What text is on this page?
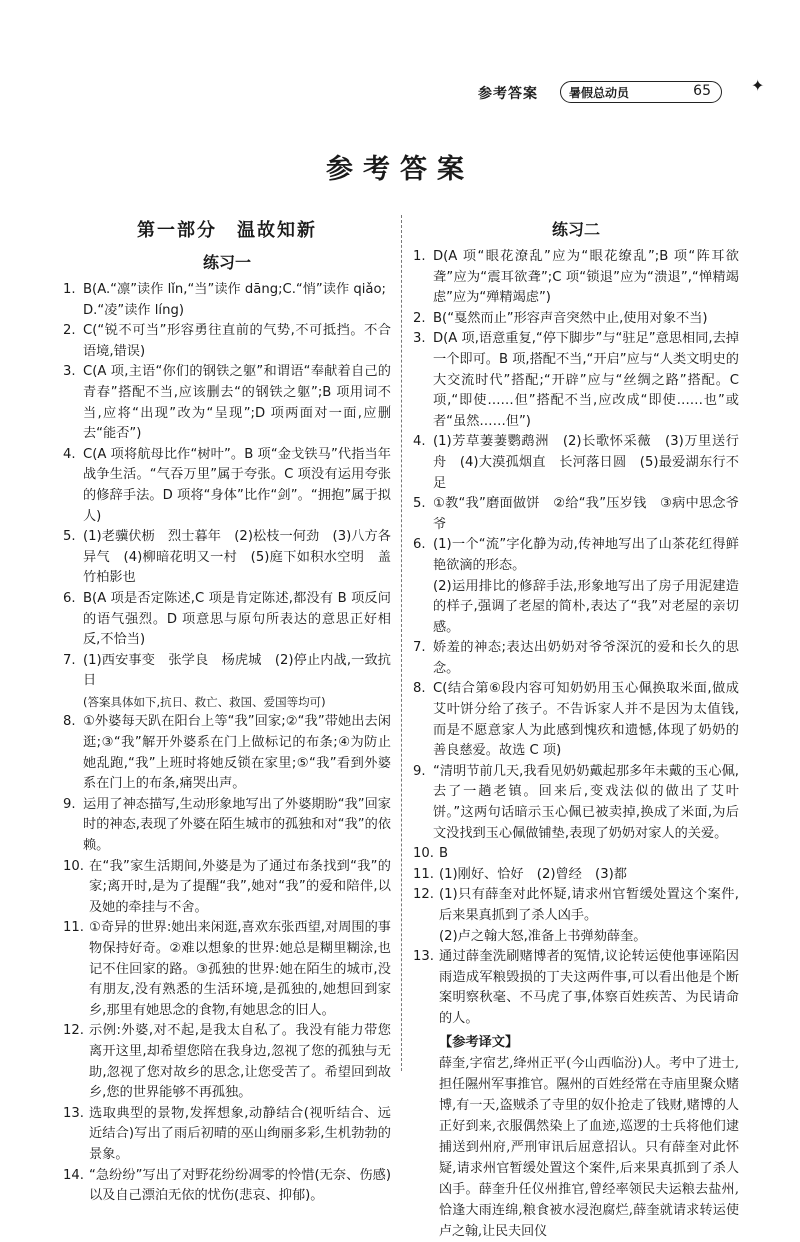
参考答案	暑假总动员	✦
65
参考答案
第一部分　温故知新
练习一
1. B(A.“凛”读作 lǐn,“当”读作 dāng;C.“悄”读作 qiǎo;
D.“凌”读作 líng)
2. C(“锐不可当”形容勇往直前的气势,不可抵挡。不合语境,错误)
3. C(A 项,主语“你们的钢铁之躯”和谓语“奉献着自己的青春”搭配不当,应该删去“的钢铁之躯”;B 项用词不当,应将“出现”改为“呈现”;D 项两面对一面,应删去“能否”)
4. C(A 项将航母比作“树叶”。B 项“金戈铁马”代指当年战争生活。“气吞万里”属于夸张。C 项没有运用夸张的修辞手法。D 项将“身体”比作“剑”。“拥抱”属于拟人)
5. (1)老骥伏枥　烈士暮年　(2)松枝一何劲　(3)八方各异气　(4)柳暗花明又一村　(5)庭下如积水空明　盖竹柏影也
6. B(A 项是否定陈述,C 项是肯定陈述,都没有 B 项反问的语气强烈。D 项意思与原句所表达的意思正好相反,不恰当)
7. (1)西安事变　张学良　杨虎城　(2)停止内战,一致抗日
(答案具体如下,抗日、救亡、救国、爱国等均可)
8. ①外婆每天趴在阳台上等“我”回家;②“我”带她出去闲逛;③“我”解开外婆系在门上做标记的布条;④为防止她乱跑,“我”上班时将她反锁在家里;⑤“我”看到外婆系在门上的布条,痛哭出声。
9. 运用了神态描写,生动形象地写出了外婆期盼“我”回家时的神态,表现了外婆在陌生城市的孤独和对“我”的依赖。
10. 在“我”家生活期间,外婆是为了通过布条找到“我”的家;离开时,是为了提醒“我”,她对“我”的爱和陪伴,以及她的牵挂与不舍。
11. ①奇异的世界:她出来闲逛,喜欢东张西望,对周围的事物保持好奇。②难以想象的世界:她总是糊里糊涂,也记不住回家的路。③孤独的世界:她在陌生的城市,没有朋友,没有熟悉的生活环境,是孤独的,她想回到家乡,那里有她思念的食物,有她思念的旧人。
12. 示例:外婆,对不起,是我太自私了。我没有能力带您离开这里,却希望您陪在我身边,忽视了您的孤独与无助,忽视了您对故乡的思念,让您受苦了。希望回到故乡,您的世界能够不再孤独。
13. 选取典型的景物,发挥想象,动静结合(视听结合、远近结合)写出了雨后初晴的巫山绚丽多彩,生机勃勃的景象。
14. “急纷纷”写出了对野花纷纷凋零的怜惜(无奈、伤感)以及自己漂泊无依的忧伤(悲哀、抑郁)。
练习二
1. D(A 项“眼花潦乱”应为“眼花缭乱”;B 项“阵耳欲聋”应为“震耳欲聋”;C 项“锁退”应为“溃退”,“惮精竭虑”应为“殚精竭虑”)
2. B(“戛然而止”形容声音突然中止,使用对象不当)
3. D(A 项,语意重复,“停下脚步”与“驻足”意思相同,去掉一个即可。B 项,搭配不当,“开启”应与“人类文明史的大交流时代”搭配;“开辟”应与“丝绸之路”搭配。C 项,“即使……但”搭配不当,应改成“即使……也”或者“虽然……但”)
4. (1)芳草萋萋鹦鹉洲　(2)长歌怀采薇　(3)万里送行舟　(4)大漠孤烟直　长河落日圆　(5)最爱湖东行不足
5. ①教“我”磨面做饼　②给“我”压岁钱　③病中思念爷爷
6. (1)一个“流”字化静为动,传神地写出了山茶花红得鲜艳欲滴的形态。
(2)运用排比的修辞手法,形象地写出了房子用泥建造的样子,强调了老屋的简朴,表达了“我”对老屋的亲切感。
7. 娇羞的神态;表达出奶奶对爷爷深沉的爱和长久的思念。
8. C(结合第⑥段内容可知奶奶用玉心佩换取米面,做成艾叶饼分给了孩子。不告诉家人并不是因为太值钱,而是不愿意家人为此感到愧疚和遗憾,体现了奶奶的善良慈爱。故选 C 项)
9. “清明节前几天,我看见奶奶戴起那多年未戴的玉心佩,去了一趟老镇。回来后,变戏法似的做出了艾叶饼。”这两句话暗示玉心佩已被卖掉,换成了米面,为后文没找到玉心佩做铺垫,表现了奶奶对家人的关爱。
10. B
11. (1)刚好、恰好　(2)曾经　(3)都
12. (1)只有薛奎对此怀疑,请求州官暂缓处置这个案件,后来果真抓到了杀人凶手。
(2)卢之翰大怒,准备上书弹劾薛奎。
13. 通过薛奎洗刷赌博者的冤情,议论转运使他事诬陷因雨造成军粮毁损的丁夫这两件事,可以看出他是个断案明察秋毫、不马虎了事,体察百姓疾苦、为民请命的人。
【参考译文】
薛奎,字宿艺,绛州正平(今山西临汾)人。考中了进士,担任隰州军事推官。隰州的百姓经常在寺庙里聚众赌博,有一天,盗贼杀了寺里的奴仆抢走了钱财,赌博的人正好到来,衣服偶然染上了血迹,巡逻的士兵将他们逮捕送到州府,严刑审讯后屈意招认。只有薛奎对此怀疑,请求州官暂缓处置这个案件,后来果真抓到了杀人凶手。薛奎升任仪州推官,曾经率领民夫运粮去盐州,恰逢大雨连绵,粮食被水浸泡腐烂,薛奎就请求转运使卢之翰,让民夫回仪
